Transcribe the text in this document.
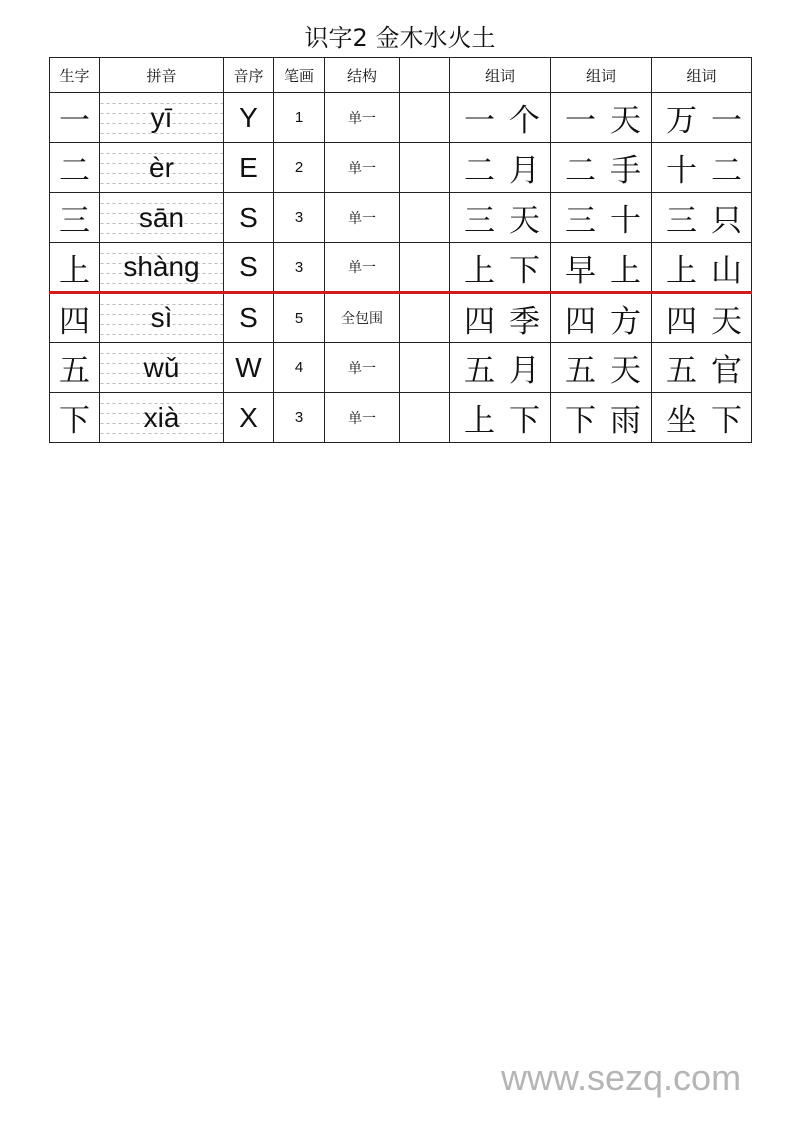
识字2 金木水火土
生字	拼音	音序	笔画	结构		组词	组词	组词
一	yī	Y	1	单一		一个	一天	万一
二	èr	E	2	单一		二月	二手	十二
三	sān	S	3	单一		三天	三十	三只
上	shàng	S	3	单一		上下	早上	上山
四	sì	S	5	全包围		四季	四方	四天
五	wǔ	W	4	单一		五月	五天	五官
下	xià	X	3	单一		上下	下雨	坐下
www.sezq.com
